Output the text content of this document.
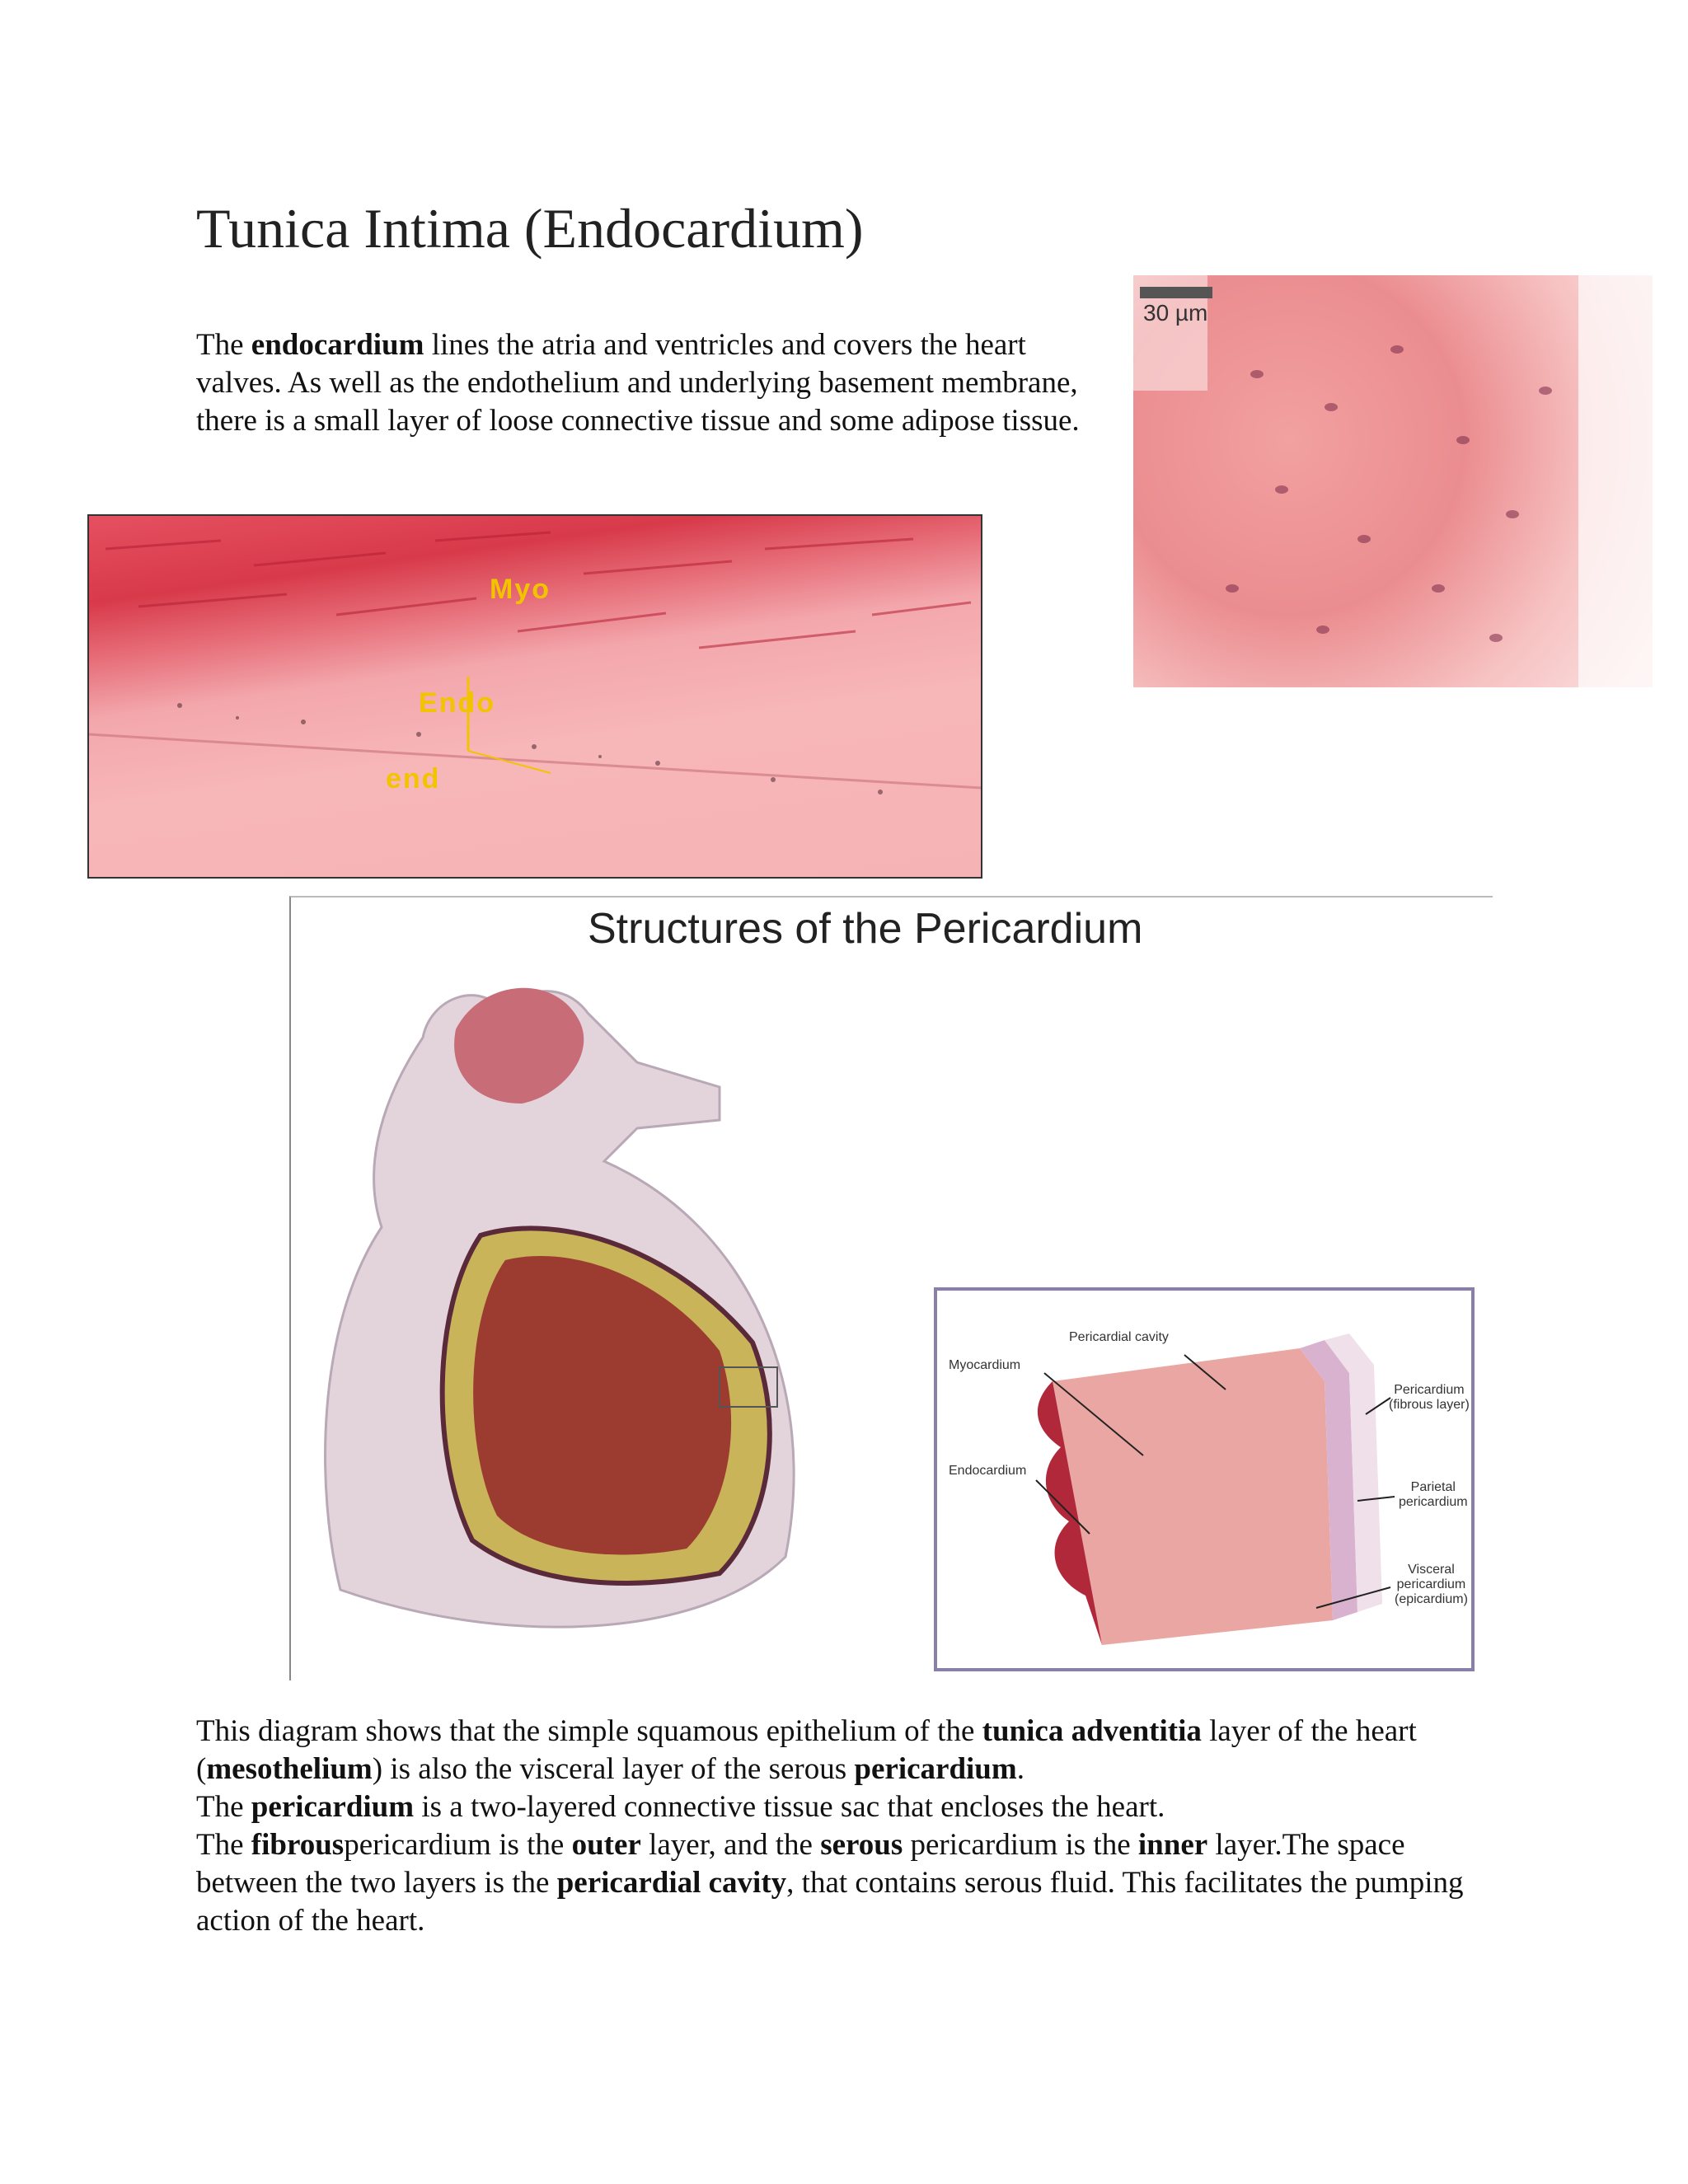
Tunica Intima (Endocardium)

The endocardium lines the atria and ventricles and covers the heart valves. As well as the endothelium and underlying basement membrane, there is a small layer of loose connective tissue and some adipose tissue.

Myo
Endo
end
30 µm
Structures of the Pericardium
Pericardial cavity
Myocardium
Endocardium
Pericardium
(fibrous layer)
Parietal
pericardium
Visceral
pericardium
(epicardium)

This diagram shows that the simple squamous epithelium of the tunica adventitia layer of the heart (mesothelium) is also the visceral layer of the serous pericardium.

The pericardium is a two-layered connective tissue sac that encloses the heart.

The fibrouspericardium is the outer layer, and the serous pericardium is the inner layer.The space between the two layers is the pericardial cavity, that contains serous fluid. This facilitates the pumping action of the heart.
